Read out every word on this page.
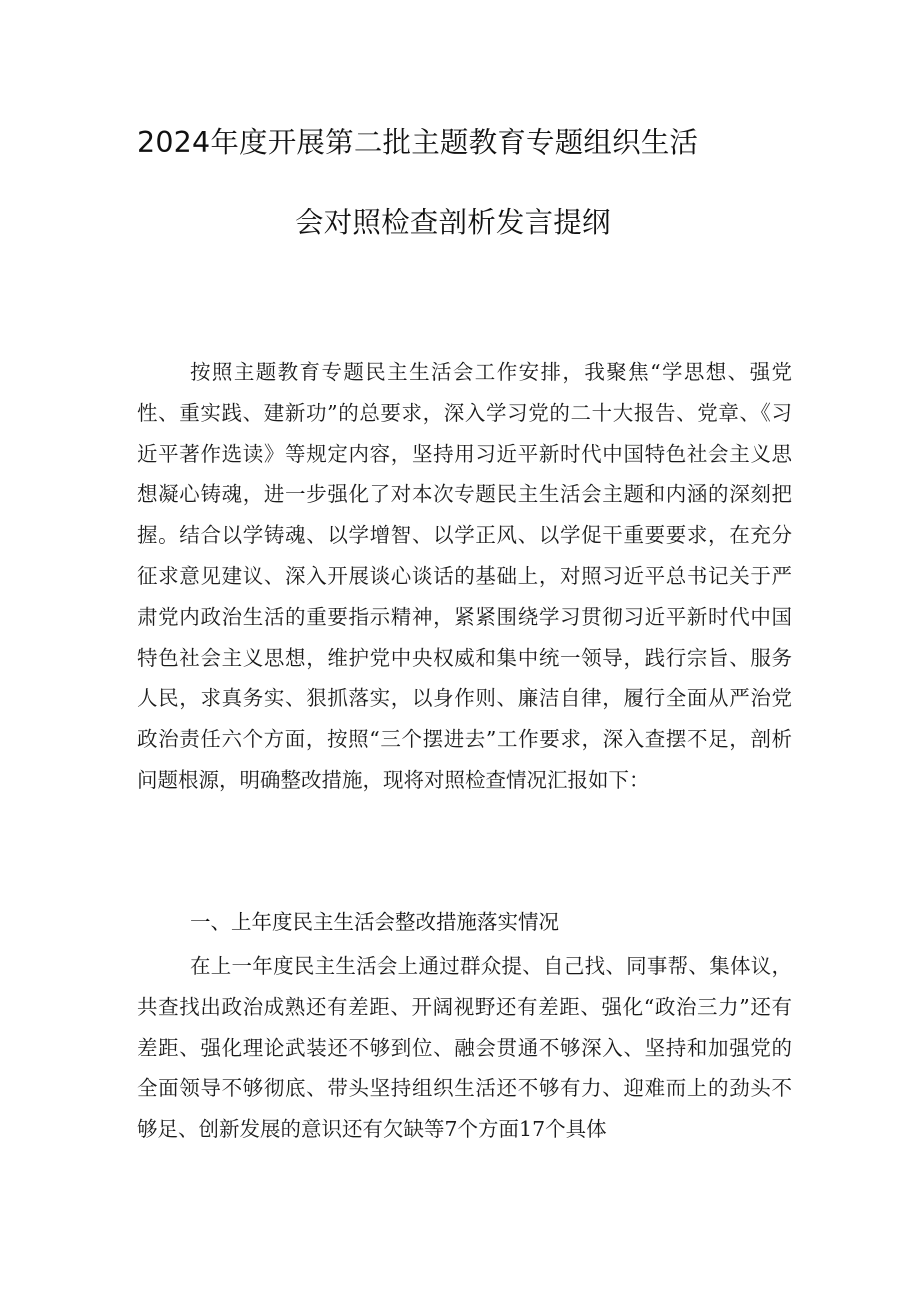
2024年度开展第二批主题教育专题组织生活
会对照检查剖析发言提纲

按照主题教育专题民主生活会工作安排，我聚焦“学思想、强党性、重实践、建新功”的总要求，深入学习党的二十大报告、党章、《习近平著作选读》等规定内容，坚持用习近平新时代中国特色社会主义思想凝心铸魂，进一步强化了对本次专题民主生活会主题和内涵的深刻把握。结合以学铸魂、以学增智、以学正风、以学促干重要要求，在充分征求意见建议、深入开展谈心谈话的基础上，对照习近平总书记关于严肃党内政治生活的重要指示精神，紧紧围绕学习贯彻习近平新时代中国特色社会主义思想，维护党中央权威和集中统一领导，践行宗旨、服务人民，求真务实、狠抓落实，以身作则、廉洁自律，履行全面从严治党政治责任六个方面，按照“三个摆进去”工作要求，深入查摆不足，剖析问题根源，明确整改措施，现将对照检查情况汇报如下：

一、上年度民主生活会整改措施落实情况

在上一年度民主生活会上通过群众提、自己找、同事帮、集体议，共查找出政治成熟还有差距、开阔视野还有差距、强化“政治三力”还有差距、强化理论武装还不够到位、融会贯通不够深入、坚持和加强党的全面领导不够彻底、带头坚持组织生活还不够有力、迎难而上的劲头不够足、创新发展的意识还有欠缺等7个方面17个具体
